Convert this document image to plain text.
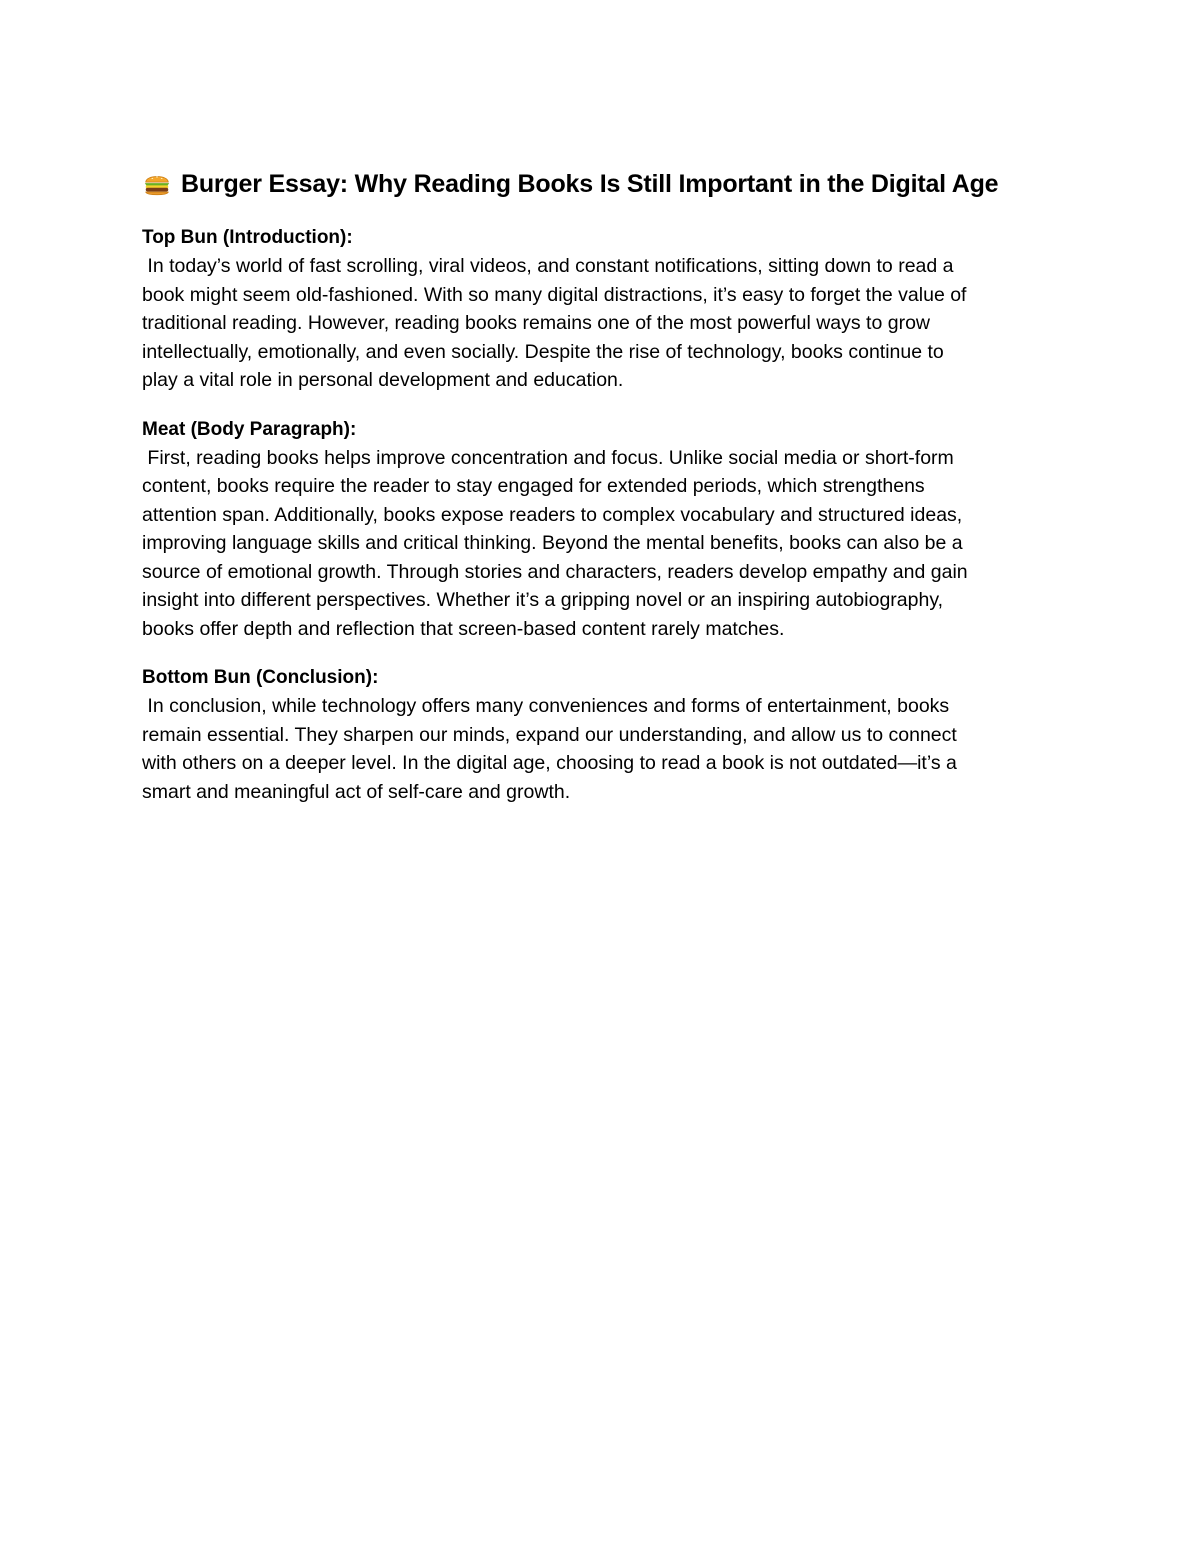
Burger Essay: Why Reading Books Is Still Important in the Digital Age
Top Bun (Introduction):
In today’s world of fast scrolling, viral videos, and constant notifications, sitting down to read a
book might seem old-fashioned. With so many digital distractions, it’s easy to forget the value of
traditional reading. However, reading books remains one of the most powerful ways to grow
intellectually, emotionally, and even socially. Despite the rise of technology, books continue to
play a vital role in personal development and education.
Meat (Body Paragraph):
First, reading books helps improve concentration and focus. Unlike social media or short-form
content, books require the reader to stay engaged for extended periods, which strengthens
attention span. Additionally, books expose readers to complex vocabulary and structured ideas,
improving language skills and critical thinking. Beyond the mental benefits, books can also be a
source of emotional growth. Through stories and characters, readers develop empathy and gain
insight into different perspectives. Whether it’s a gripping novel or an inspiring autobiography,
books offer depth and reflection that screen-based content rarely matches.
Bottom Bun (Conclusion):
In conclusion, while technology offers many conveniences and forms of entertainment, books
remain essential. They sharpen our minds, expand our understanding, and allow us to connect
with others on a deeper level. In the digital age, choosing to read a book is not outdated—it’s a
smart and meaningful act of self-care and growth.
